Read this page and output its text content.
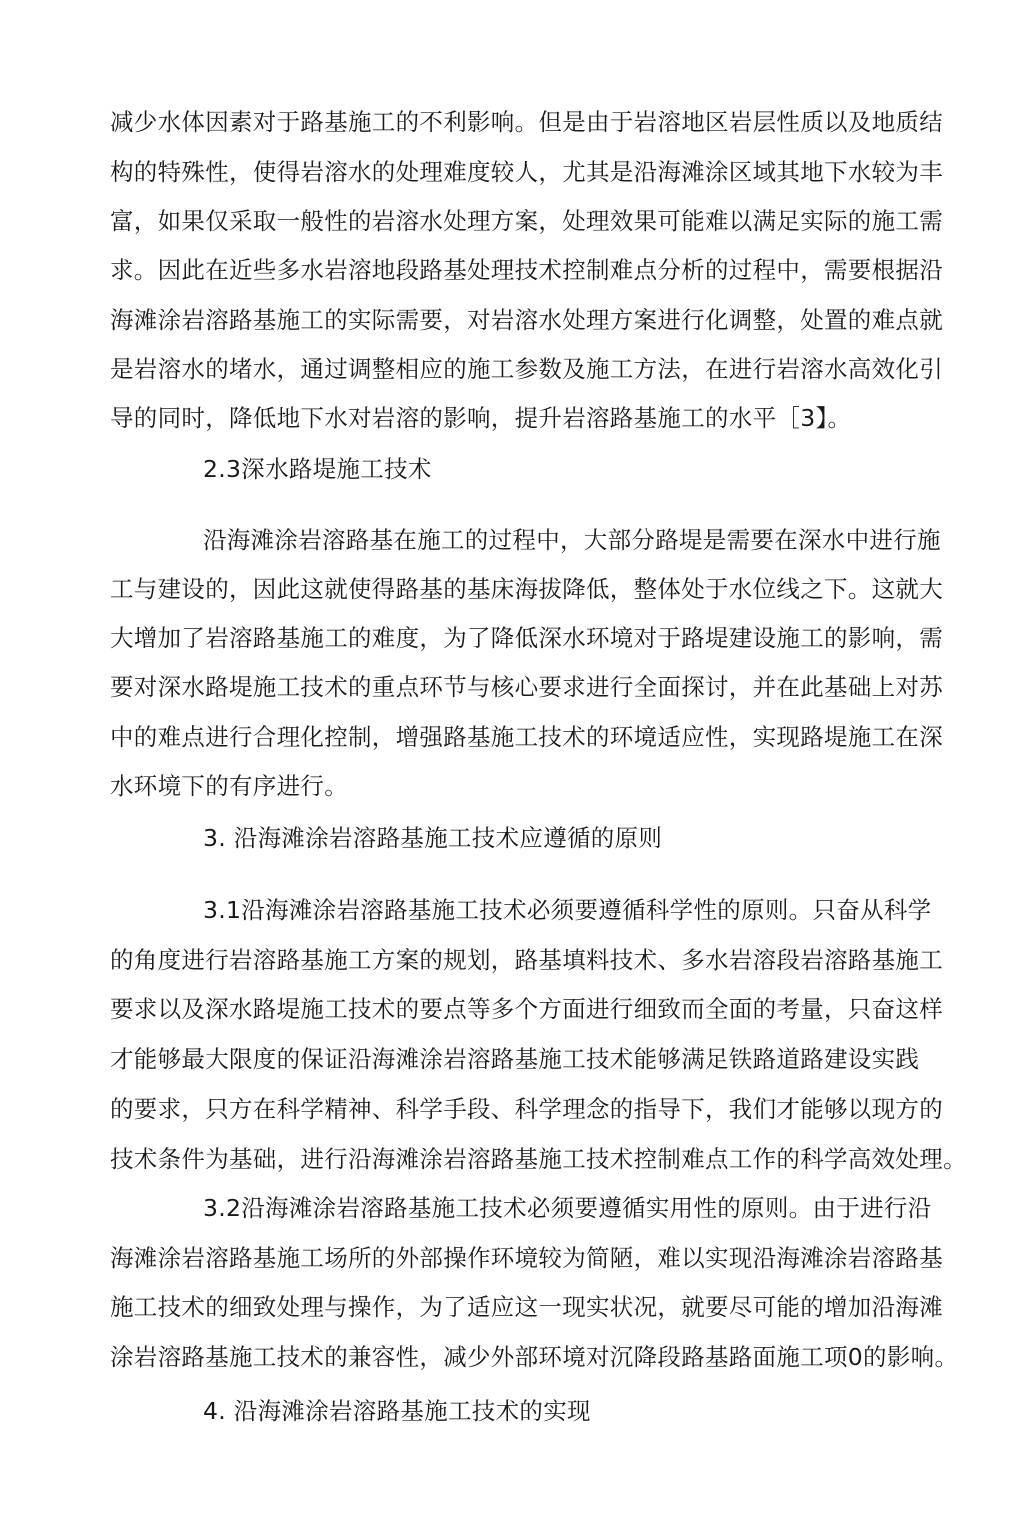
减少水体因素对于路基施工的不利影响。但是由于岩溶地区岩层性质以及地质结
构的特殊性，使得岩溶水的处理难度较人，尤其是沿海滩涂区域其地下水较为丰
富，如果仅采取一般性的岩溶水处理方案，处理效果可能难以满足实际的施工需
求。因此在近些多水岩溶地段路基处理技术控制难点分析的过程中，需要根据沿
海滩涂岩溶路基施工的实际需要，对岩溶水处理方案进行化调整，处置的难点就
是岩溶水的堵水，通过调整相应的施工参数及施工方法，在进行岩溶水高效化引
导的同时，降低地下水对岩溶的影响，提升岩溶路基施工的水平［3】。
2.3深水路堤施工技术
沿海滩涂岩溶路基在施工的过程中，大部分路堤是需要在深水中进行施
工与建设的，因此这就使得路基的基床海拔降低，整体处于水位线之下。这就大
大增加了岩溶路基施工的难度，为了降低深水环境对于路堤建设施工的影响，需
要对深水路堤施工技术的重点环节与核心要求进行全面探讨，并在此基础上对苏
中的难点进行合理化控制，增强路基施工技术的环境适应性，实现路堤施工在深
水环境下的有序进行。
3. 沿海滩涂岩溶路基施工技术应遵循的原则
3.1沿海滩涂岩溶路基施工技术必须要遵循科学性的原则。只奋从科学
的角度进行岩溶路基施工方案的规划，路基填料技术、多水岩溶段岩溶路基施工
要求以及深水路堤施工技术的要点等多个方面进行细致而全面的考量，只奋这样
才能够最大限度的保证沿海滩涂岩溶路基施工技术能够满足铁路道路建设实践
的要求，只方在科学精神、科学手段、科学理念的指导下，我们才能够以现方的
技术条件为基础，进行沿海滩涂岩溶路基施工技术控制难点工作的科学高效处理。
3.2沿海滩涂岩溶路基施工技术必须要遵循实用性的原则。由于进行沿
海滩涂岩溶路基施工场所的外部操作环境较为简陋，难以实现沿海滩涂岩溶路基
施工技术的细致处理与操作，为了适应这一现实状况，就要尽可能的增加沿海滩
涂岩溶路基施工技术的兼容性，减少外部环境对沉降段路基路面施工项0的影响。
4. 沿海滩涂岩溶路基施工技术的实现
